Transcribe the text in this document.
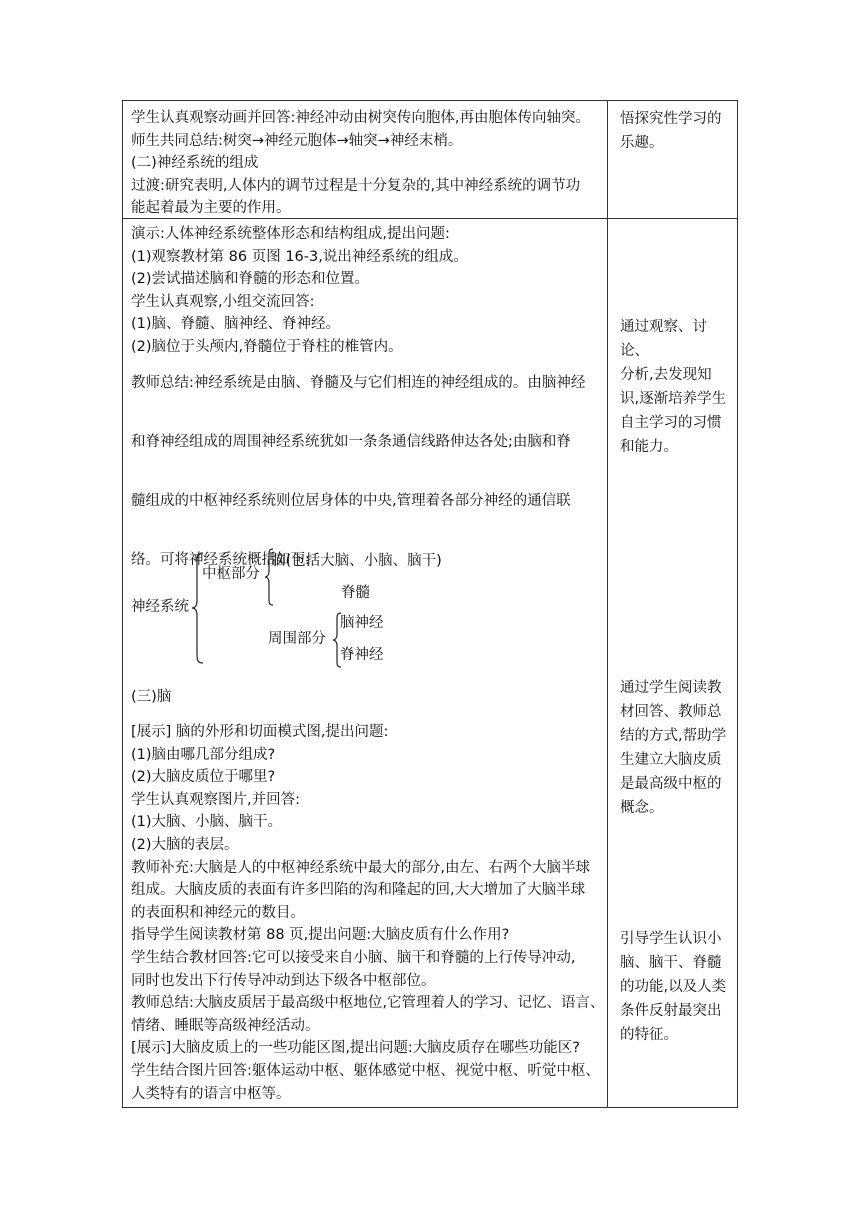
学生认真观察动画并回答:神经冲动由树突传向胞体,再由胞体传向轴突。

师生共同总结:树突→神经元胞体→轴突→神经末梢。

(二)神经系统的组成

过渡:研究表明,人体内的调节过程是十分复杂的,其中神经系统的调节功

能起着最为主要的作用。

悟探究性学习的

乐趣。

演示:人体神经系统整体形态和结构组成,提出问题:

(1)观察教材第 86 页图 16-3,说出神经系统的组成。

(2)尝试描述脑和脊髓的形态和位置。

学生认真观察,小组交流回答:

(1)脑、脊髓、脑神经、脊神经。

(2)脑位于头颅内,脊髓位于脊柱的椎管内。

教师总结:神经系统是由脑、脊髓及与它们相连的神经组成的。由脑神经

和脊神经组成的周围神经系统犹如一条条通信线路伸达各处;由脑和脊

髓组成的中枢神经系统则位居身体的中央,管理着各部分神经的通信联

络。可将神经系统概括如下:

神经系统
中枢部分
脑(包括大脑、小脑、脑干)
脊髓
周围部分
脑神经
脊神经

(三)脑

[展示] 脑的外形和切面模式图,提出问题:

(1)脑由哪几部分组成?

(2)大脑皮质位于哪里?

学生认真观察图片,并回答:

(1)大脑、小脑、脑干。

(2)大脑的表层。

教师补充:大脑是人的中枢神经系统中最大的部分,由左、右两个大脑半球

组成。大脑皮质的表面有许多凹陷的沟和隆起的回,大大增加了大脑半球

的表面积和神经元的数目。

指导学生阅读教材第 88 页,提出问题:大脑皮质有什么作用?

学生结合教材回答:它可以接受来自小脑、脑干和脊髓的上行传导冲动,

同时也发出下行传导冲动到达下级各中枢部位。

教师总结:大脑皮质居于最高级中枢地位,它管理着人的学习、记忆、语言、

情绪、睡眠等高级神经活动。

[展示]大脑皮质上的一些功能区图,提出问题:大脑皮质存在哪些功能区?

学生结合图片回答:躯体运动中枢、躯体感觉中枢、视觉中枢、听觉中枢、

人类特有的语言中枢等。

通过观察、讨论、

分析,去发现知

识,逐渐培养学生

自主学习的习惯

和能力。

通过学生阅读教

材回答、教师总

结的方式,帮助学

生建立大脑皮质

是最高级中枢的

概念。

引导学生认识小

脑、脑干、脊髓

的功能,以及人类

条件反射最突出

的特征。
